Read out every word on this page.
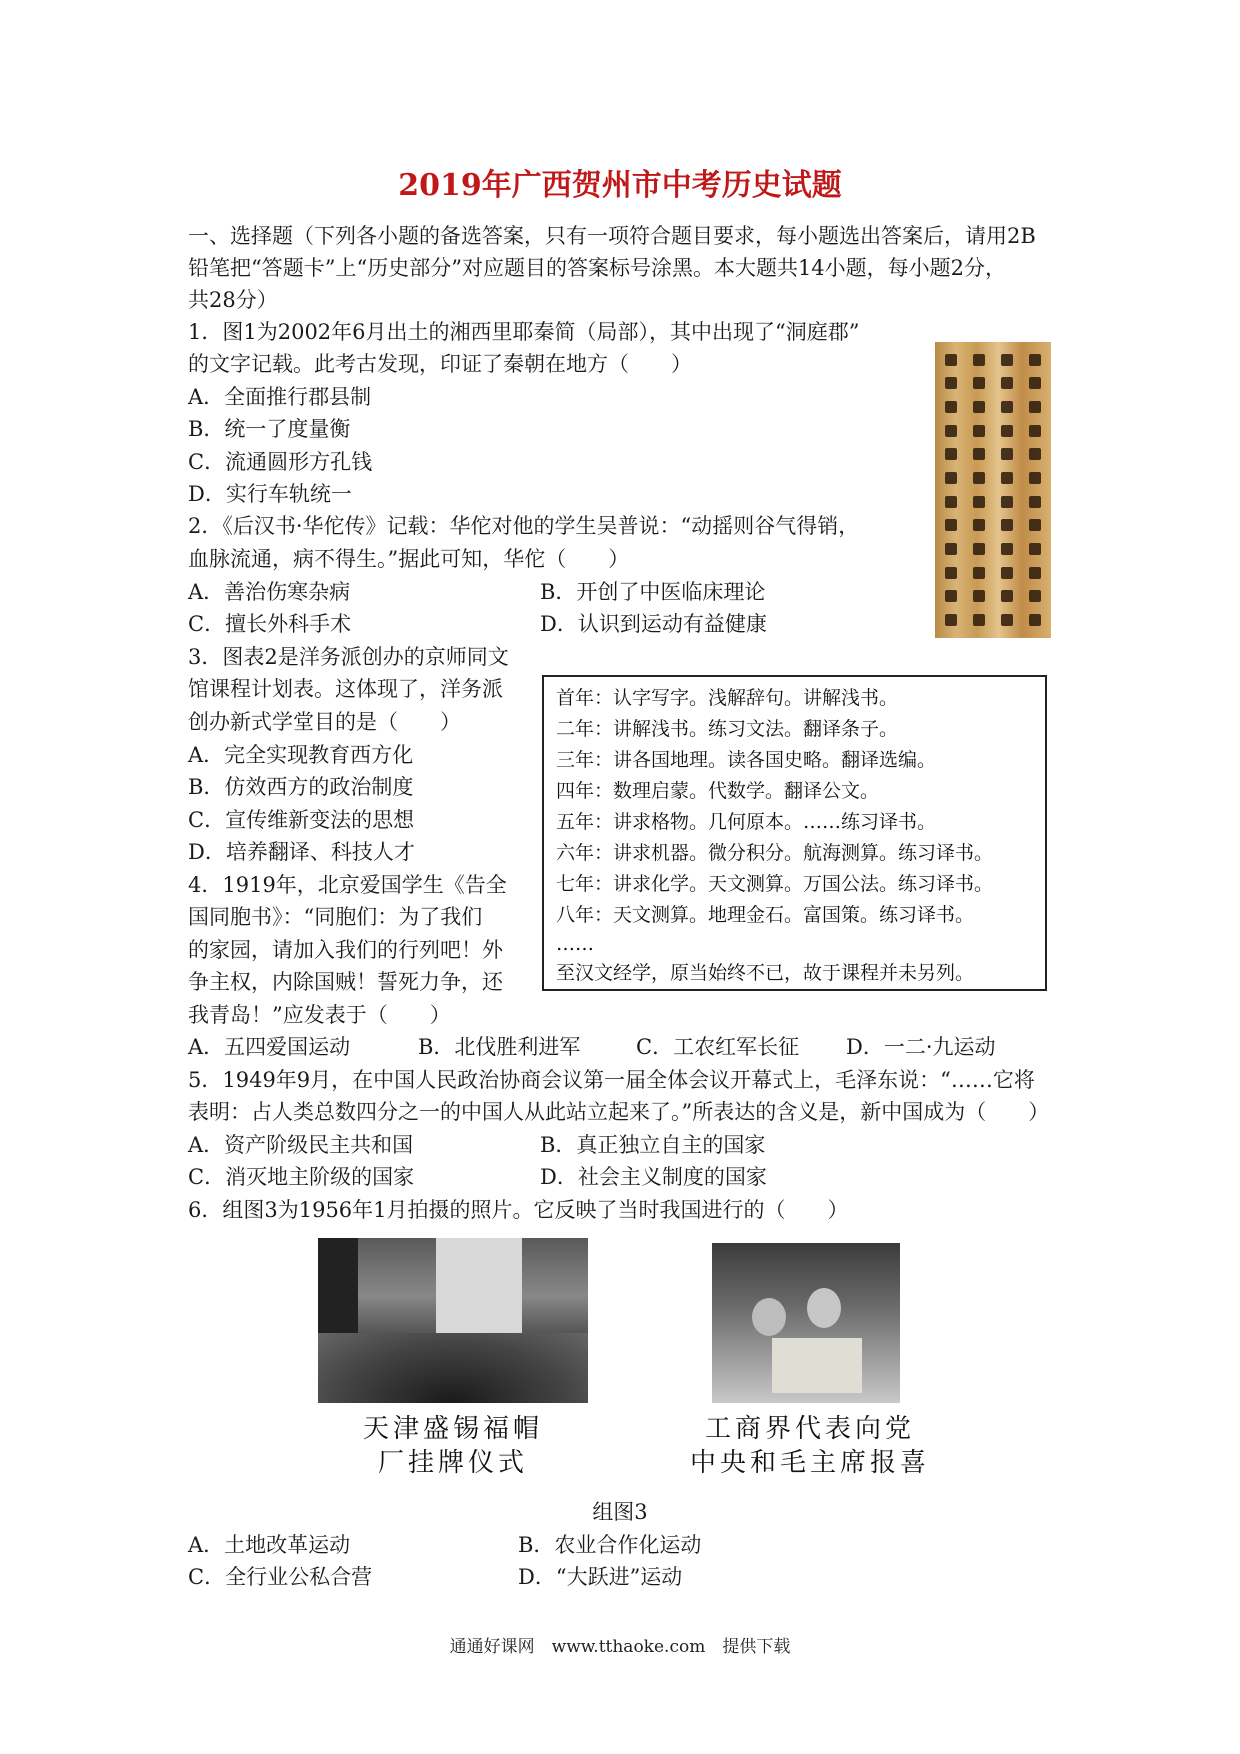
2019年广西贺州市中考历史试题
一、选择题（下列各小题的备选答案，只有一项符合题目要求，每小题选出答案后，请用2B
铅笔把“答题卡”上“历史部分”对应题目的答案标号涂黑。本大题共14小题，每小题2分，
共28分）
1．图1为2002年6月出土的湘西里耶秦简（局部），其中出现了“洞庭郡”
的文字记载。此考古发现，印证了秦朝在地方（　　）
A．全面推行郡县制
B．统一了度量衡
C．流通圆形方孔钱
D．实行车轨统一
2．《后汉书·华佗传》记载：华佗对他的学生吴普说：“动摇则谷气得销，
血脉流通，病不得生。”据此可知，华佗（　　）
A．善治伤寒杂病	B．开创了中医临床理论
C．擅长外科手术	D．认识到运动有益健康
3．图表2是洋务派创办的京师同文
馆课程计划表。这体现了，洋务派
创办新式学堂目的是（　　）
A．完全实现教育西方化
B．仿效西方的政治制度
C．宣传维新变法的思想
D．培养翻译、科技人才
首年：认字写字。浅解辞句。讲解浅书。
二年：讲解浅书。练习文法。翻译条子。
三年：讲各国地理。读各国史略。翻译选编。
四年：数理启蒙。代数学。翻译公文。
五年：讲求格物。几何原本。……练习译书。
六年：讲求机器。微分积分。航海测算。练习译书。
七年：讲求化学。天文测算。万国公法。练习译书。
八年：天文测算。地理金石。富国策。练习译书。
……
至汉文经学，原当始终不已，故于课程并未另列。
4．1919年，北京爱国学生《告全
国同胞书》：“同胞们：为了我们
的家园，请加入我们的行列吧！外
争主权，内除国贼！誓死力争，还
我青岛！”应发表于（　　）
A．五四爱国运动	B．北伐胜利进军	C．工农红军长征 D．一二·九运动
5．1949年9月，在中国人民政治协商会议第一届全体会议开幕式上，毛泽东说：“……它将
表明：占人类总数四分之一的中国人从此站立起来了。”所表达的含义是，新中国成为（　　）
A．资产阶级民主共和国	B．真正独立自主的国家
C．消灭地主阶级的国家	D．社会主义制度的国家
6．组图3为1956年1月拍摄的照片。它反映了当时我国进行的（　　）
天津盛锡福帽
厂挂牌仪式
工商界代表向党
中央和毛主席报喜
组图3
A．土地改革运动	B．农业合作化运动
C．全行业公私合营	D．“大跃进”运动
通通好课网　www.tthaoke.com　提供下载
